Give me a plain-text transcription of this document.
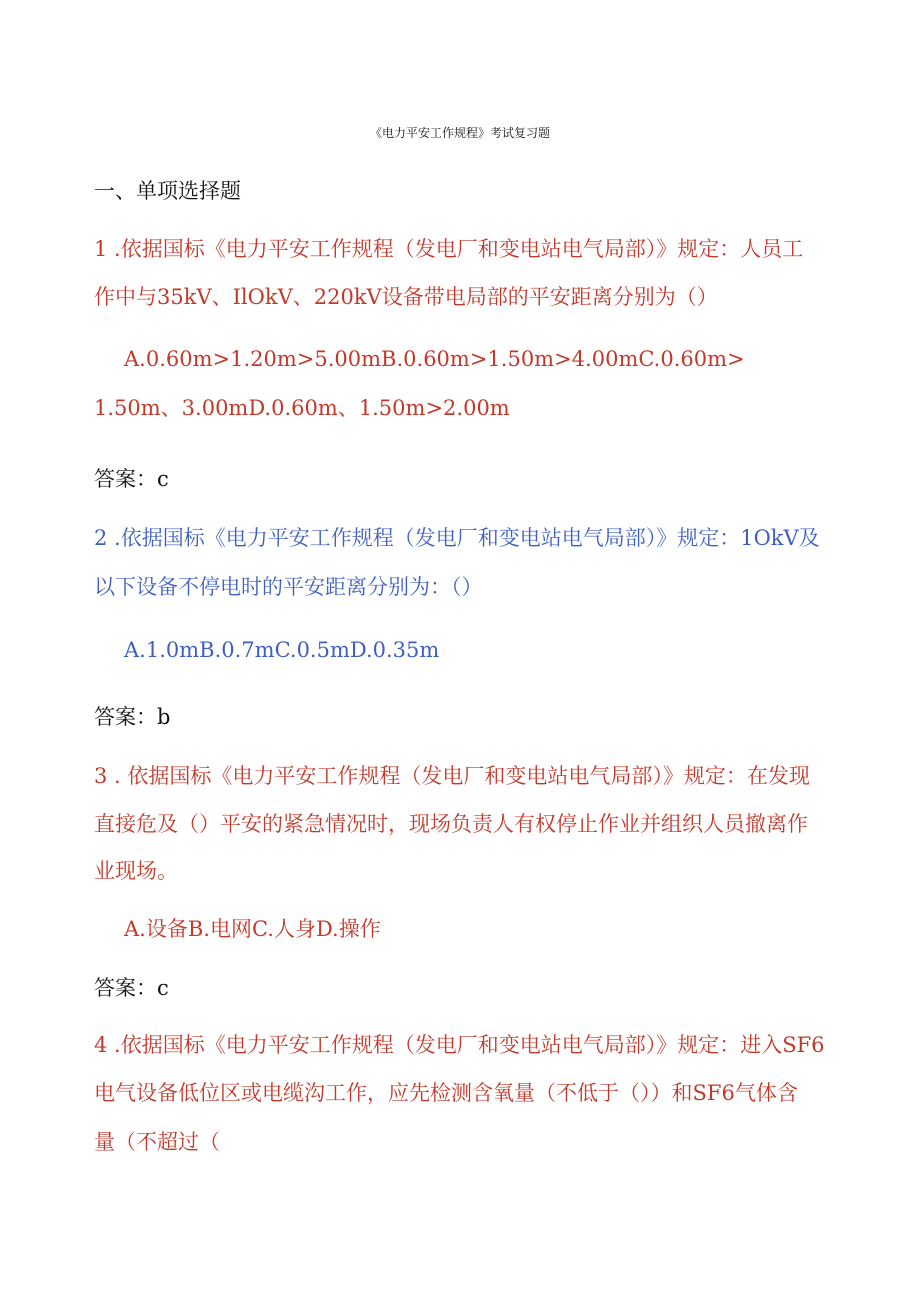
《电力平安工作规程》考试复习题
一、单项选择题
1 .依据国标《电力平安工作规程（发电厂和变电站电气局部）》规定：人员工
作中与35kV、IlOkV、220kV设备带电局部的平安距离分别为（）
A.0.60m>1.20m>5.00mB.0.60m>1.50m>4.00mC.0.60m>
1.50m、3.00mD.0.60m、1.50m>2.00m
答案：c
2 .依据国标《电力平安工作规程（发电厂和变电站电气局部）》规定：1OkV及
以下设备不停电时的平安距离分别为：（）
A.1.0mB.0.7mC.0.5mD.0.35m
答案：b
3 . 依据国标《电力平安工作规程（发电厂和变电站电气局部）》规定：在发现
直接危及（）平安的紧急情况时，现场负责人有权停止作业并组织人员撤离作
业现场。
A.设备B.电网C.人身D.操作
答案：c
4 .依据国标《电力平安工作规程（发电厂和变电站电气局部）》规定：进入SF6
电气设备低位区或电缆沟工作，应先检测含氧量（不低于（））和SF6气体含
量（不超过（
